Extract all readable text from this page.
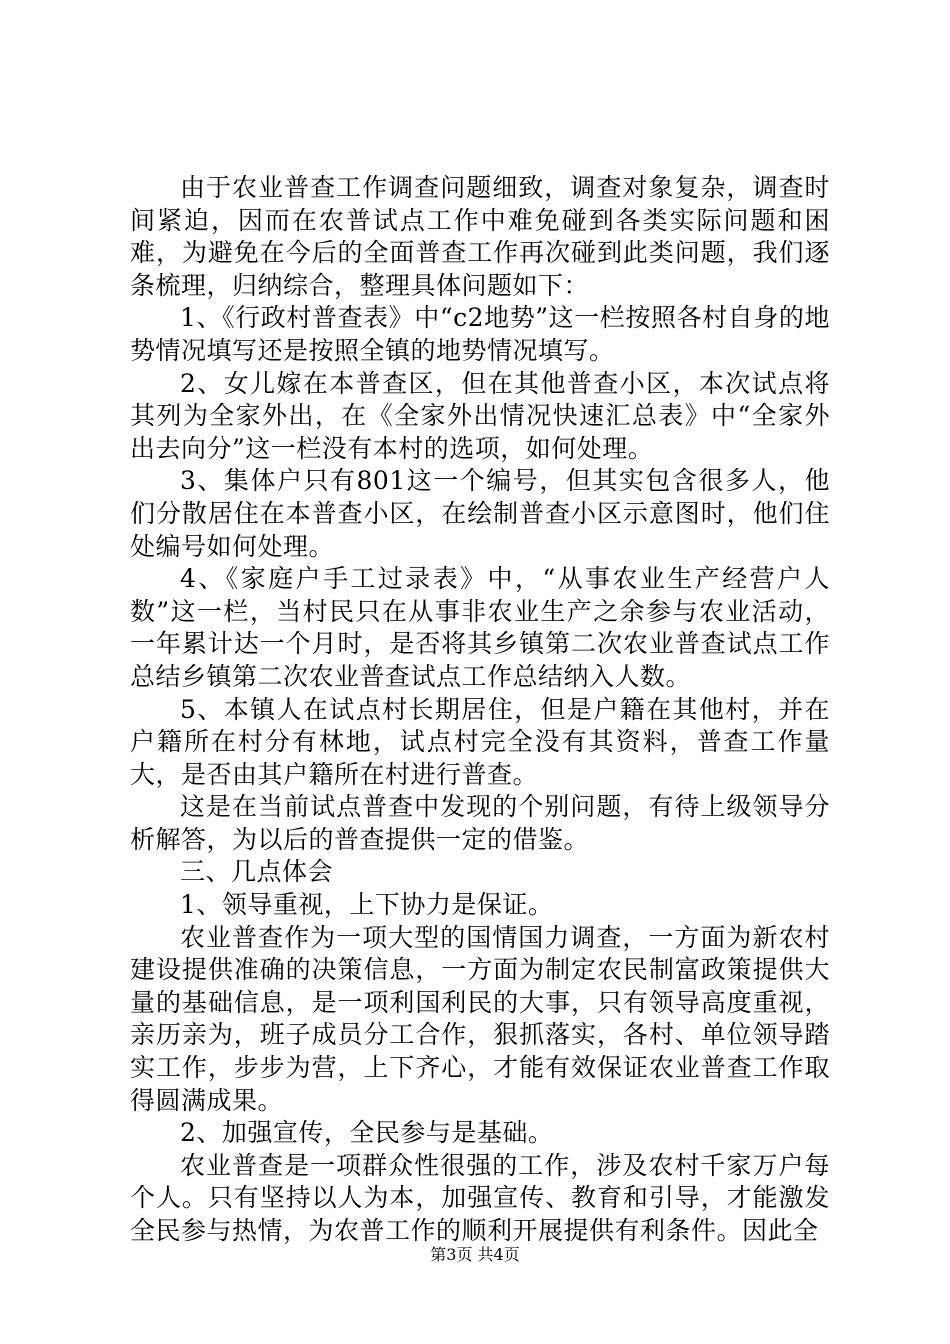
由于农业普查工作调查问题细致，调查对象复杂，调查时间紧迫，因而在农普试点工作中难免碰到各类实际问题和困难，为避免在今后的全面普查工作再次碰到此类问题，我们逐条梳理，归纳综合，整理具体问题如下：

1、《行政村普查表》中“c2地势”这一栏按照各村自身的地势情况填写还是按照全镇的地势情况填写。

2、女儿嫁在本普查区，但在其他普查小区，本次试点将其列为全家外出，在《全家外出情况快速汇总表》中“全家外出去向分”这一栏没有本村的选项，如何处理。

3、集体户只有801这一个编号，但其实包含很多人，他们分散居住在本普查小区，在绘制普查小区示意图时，他们住处编号如何处理。

4、《家庭户手工过录表》中，“从事农业生产经营户人数”这一栏，当村民只在从事非农业生产之余参与农业活动，一年累计达一个月时，是否将其乡镇第二次农业普查试点工作总结乡镇第二次农业普查试点工作总结纳入人数。

5、本镇人在试点村长期居住，但是户籍在其他村，并在户籍所在村分有林地，试点村完全没有其资料，普查工作量大，是否由其户籍所在村进行普查。

这是在当前试点普查中发现的个别问题，有待上级领导分析解答，为以后的普查提供一定的借鉴。

三、几点体会

1、领导重视，上下协力是保证。

农业普查作为一项大型的国情国力调查，一方面为新农村建设提供准确的决策信息，一方面为制定农民制富政策提供大量的基础信息，是一项利国利民的大事，只有领导高度重视，亲历亲为，班子成员分工合作，狠抓落实，各村、单位领导踏实工作，步步为营，上下齐心，才能有效保证农业普查工作取得圆满成果。

2、加强宣传，全民参与是基础。

农业普查是一项群众性很强的工作，涉及农村千家万户每个人。只有坚持以人为本，加强宣传、教育和引导，才能激发全民参与热情，为农普工作的顺利开展提供有利条件。因此全

第3页 共4页
